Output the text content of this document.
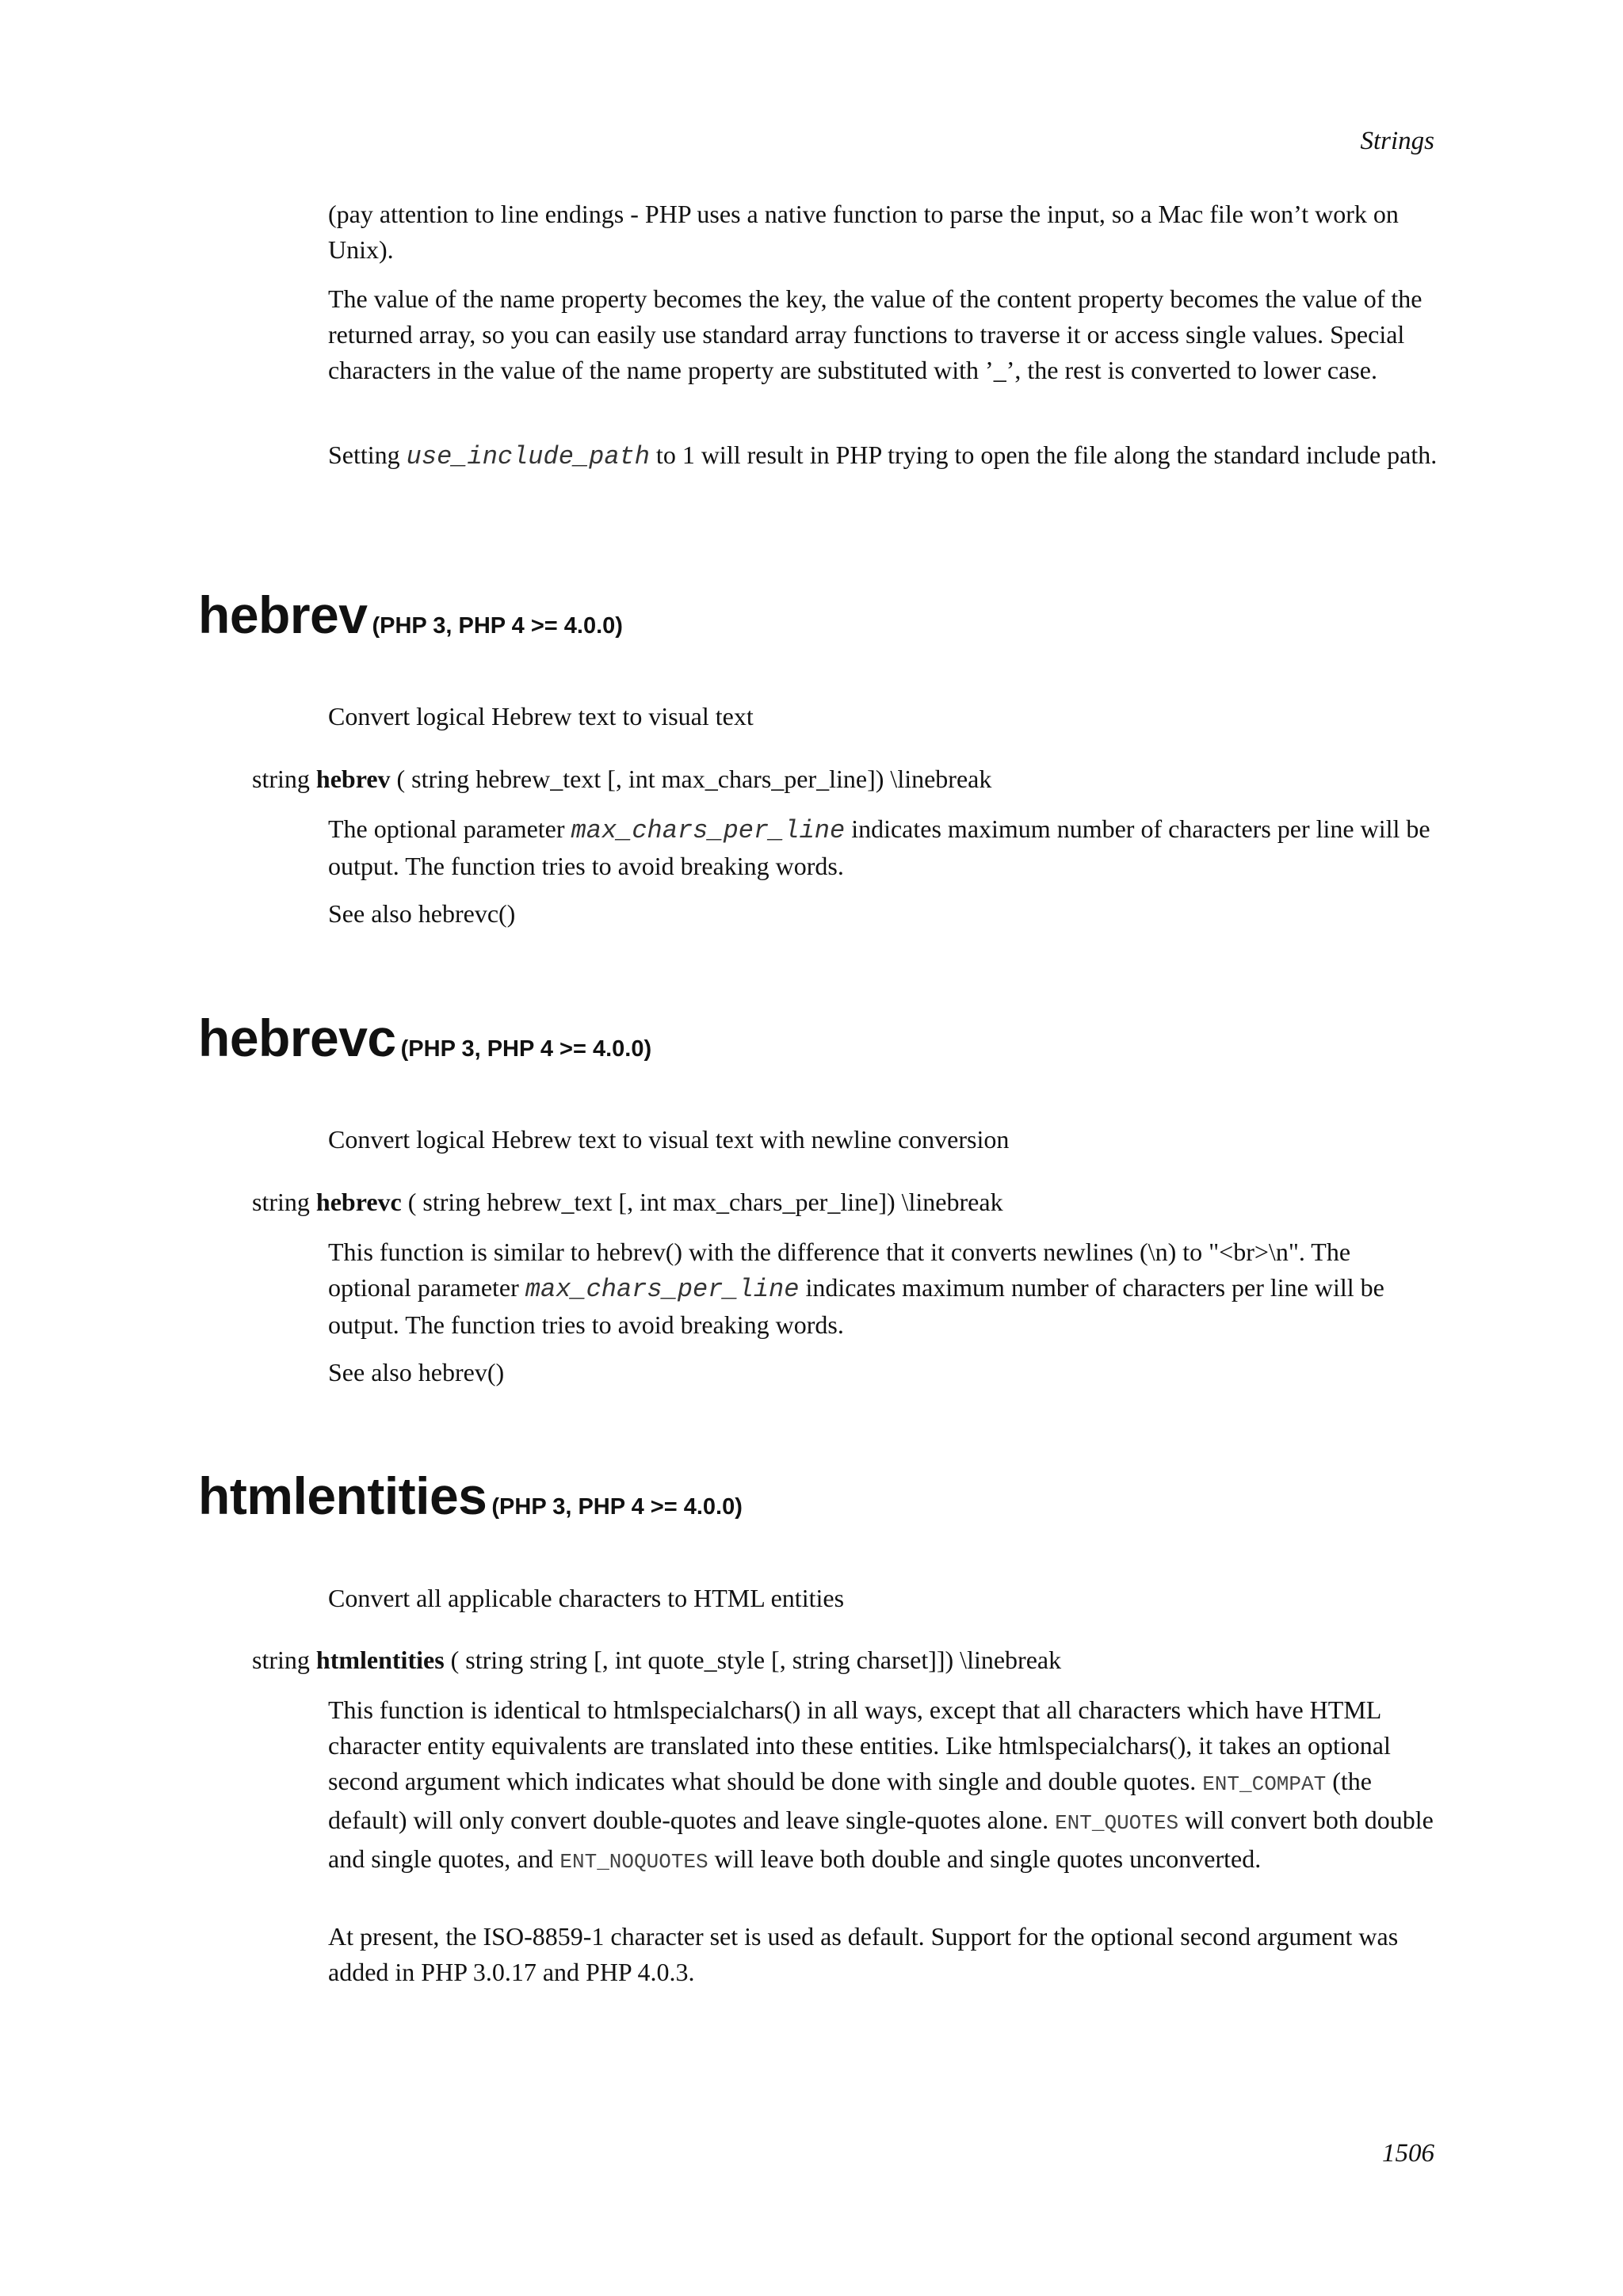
Strings

(pay attention to line endings - PHP uses a native function to parse the input, so a Mac file won’t work on Unix).

The value of the name property becomes the key, the value of the content property becomes the value of the returned array, so you can easily use standard array functions to traverse it or access single values. Special characters in the value of the name property are substituted with ’_’, the rest is converted to lower case.

Setting use_include_path to 1 will result in PHP trying to open the file along the standard include path.

hebrev (PHP 3, PHP 4 >= 4.0.0)

Convert logical Hebrew text to visual text

string hebrev ( string hebrew_text [, int max_chars_per_line]) \linebreak

The optional parameter max_chars_per_line indicates maximum number of characters per line will be output. The function tries to avoid breaking words.

See also hebrevc()

hebrevc (PHP 3, PHP 4 >= 4.0.0)

Convert logical Hebrew text to visual text with newline conversion

string hebrevc ( string hebrew_text [, int max_chars_per_line]) \linebreak

This function is similar to hebrev() with the difference that it converts newlines (\n) to "<br>\n". The optional parameter max_chars_per_line indicates maximum number of characters per line will be output. The function tries to avoid breaking words.

See also hebrev()

htmlentities (PHP 3, PHP 4 >= 4.0.0)

Convert all applicable characters to HTML entities

string htmlentities ( string string [, int quote_style [, string charset]]) \linebreak

This function is identical to htmlspecialchars() in all ways, except that all characters which have HTML character entity equivalents are translated into these entities. Like htmlspecialchars(), it takes an optional second argument which indicates what should be done with single and double quotes. ENT_COMPAT (the default) will only convert double-quotes and leave single-quotes alone. ENT_QUOTES will convert both double and single quotes, and ENT_NOQUOTES will leave both double and single quotes unconverted.

At present, the ISO-8859-1 character set is used as default. Support for the optional second argument was added in PHP 3.0.17 and PHP 4.0.3.

1506
